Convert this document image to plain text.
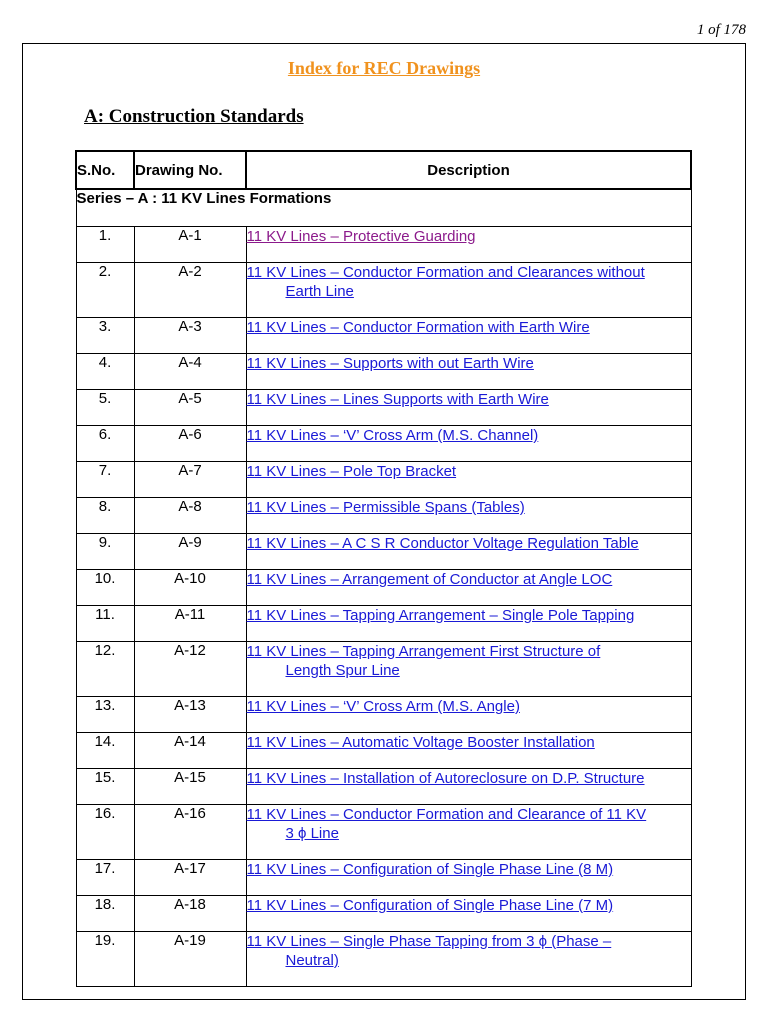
1 of 178
Index for REC Drawings
A: Construction Standards
S.No.	Drawing No.	Description
Series – A : 11 KV Lines Formations		
1.	A-1	11 KV Lines – Protective Guarding
2.	A-2	11 KV Lines – Conductor Formation and Clearances without
Earth Line

3.	A-3	11 KV Lines – Conductor Formation with Earth Wire
4.	A-4	11 KV Lines – Supports with out Earth Wire
5.	A-5	11 KV Lines – Lines Supports with Earth Wire
6.	A-6	11 KV Lines – ‘V’ Cross Arm (M.S. Channel)
7.	A-7	11 KV Lines – Pole Top Bracket
8.	A-8	11 KV Lines – Permissible Spans (Tables)
9.	A-9	11 KV Lines – A C S R Conductor Voltage Regulation Table
10.	A-10	11 KV Lines – Arrangement of Conductor at Angle LOC
11.	A-11	11 KV Lines – Tapping Arrangement – Single Pole Tapping
12.	A-12	11 KV Lines – Tapping Arrangement First Structure of
Length Spur Line

13.	A-13	11 KV Lines – ‘V’ Cross Arm (M.S. Angle)
14.	A-14	11 KV Lines – Automatic Voltage Booster Installation
15.	A-15	11 KV Lines – Installation of Autoreclosure on D.P. Structure
16.	A-16	11 KV Lines – Conductor Formation and Clearance of 11 KV
3 ϕ Line

17.	A-17	11 KV Lines – Configuration of Single Phase Line (8 M)
18.	A-18	11 KV Lines – Configuration of Single Phase Line (7 M)
19.	A-19	11 KV Lines – Single Phase Tapping from 3 ϕ (Phase –
Neutral)
